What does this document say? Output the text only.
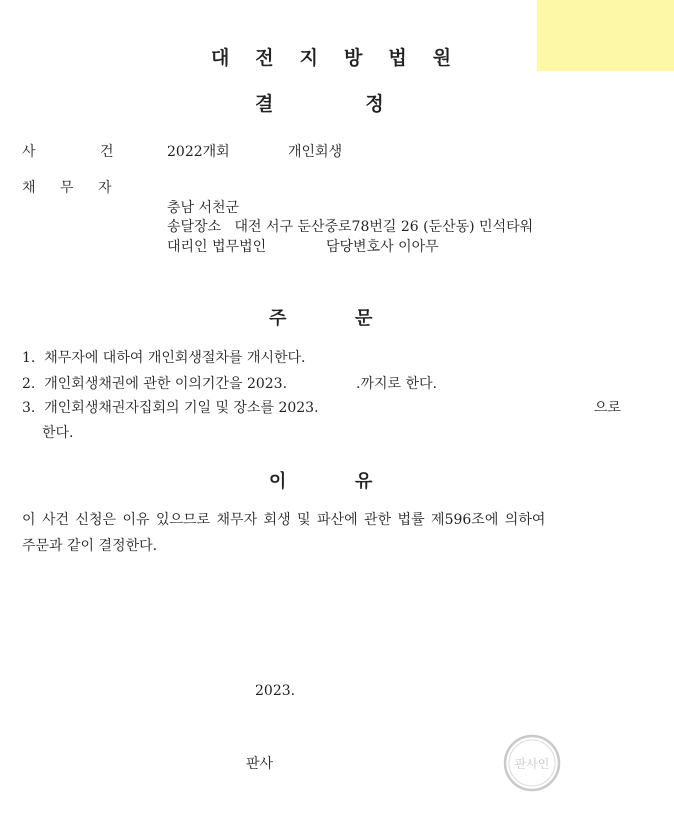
대전지방법원
결정
사	건	2022개회	개인회생
채 무 자
충남 서천군
송달장소   대전 서구 둔산중로78번길 26 (둔산동) 민석타워
대리인 법무법인	담당변호사 이아무
주	문
1.  채무자에 대하여 개인회생절차를 개시한다.
2.  개인회생채권에 관한 이의기간을 2023.	.까지로 한다.
3.  개인회생채권자집회의 기일 및 장소를 2023.	으로
한다.
이	유
이 사건 신청은 이유 있으므로 채무자 회생 및 파산에 관한 법률 제596조에 의하여
주문과 같이 결정한다.
2023.
판사	판사인
